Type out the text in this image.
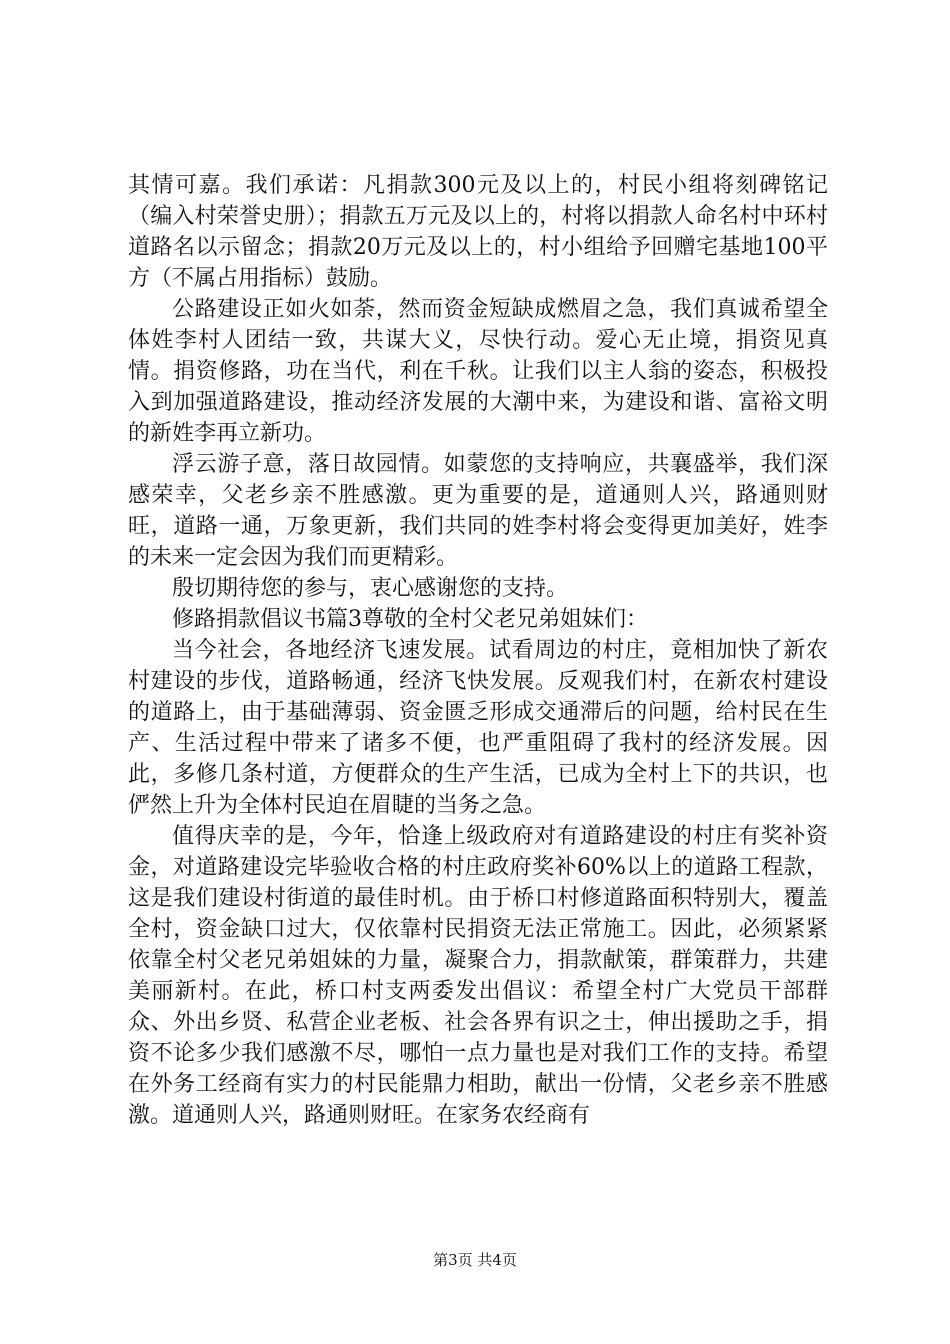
其情可嘉。我们承诺：凡捐款300元及以上的，村民小组将刻碑铭记（编入村荣誉史册）；捐款五万元及以上的，村将以捐款人命名村中环村道路名以示留念；捐款20万元及以上的，村小组给予回赠宅基地100平方（不属占用指标）鼓励。

公路建设正如火如荼，然而资金短缺成燃眉之急，我们真诚希望全体姓李村人团结一致，共谋大义，尽快行动。爱心无止境，捐资见真情。捐资修路，功在当代，利在千秋。让我们以主人翁的姿态，积极投入到加强道路建设，推动经济发展的大潮中来，为建设和谐、富裕文明的新姓李再立新功。

浮云游子意，落日故园情。如蒙您的支持响应，共襄盛举，我们深感荣幸，父老乡亲不胜感激。更为重要的是，道通则人兴，路通则财旺，道路一通，万象更新，我们共同的姓李村将会变得更加美好，姓李的未来一定会因为我们而更精彩。

殷切期待您的参与，衷心感谢您的支持。

修路捐款倡议书篇3尊敬的全村父老兄弟姐妹们：

当今社会，各地经济飞速发展。试看周边的村庄，竟相加快了新农村建设的步伐，道路畅通，经济飞快发展。反观我们村，在新农村建设的道路上，由于基础薄弱、资金匮乏形成交通滞后的问题，给村民在生产、生活过程中带来了诸多不便，也严重阻碍了我村的经济发展。因此，多修几条村道，方便群众的生产生活，已成为全村上下的共识，也俨然上升为全体村民迫在眉睫的当务之急。

值得庆幸的是，今年，恰逢上级政府对有道路建设的村庄有奖补资金，对道路建设完毕验收合格的村庄政府奖补60%以上的道路工程款，这是我们建设村街道的最佳时机。由于桥口村修道路面积特别大，覆盖全村，资金缺口过大，仅依靠村民捐资无法正常施工。因此，必须紧紧依靠全村父老兄弟姐妹的力量，凝聚合力，捐款献策，群策群力，共建美丽新村。在此，桥口村支两委发出倡议：希望全村广大党员干部群众、外出乡贤、私营企业老板、社会各界有识之士，伸出援助之手，捐资不论多少我们感激不尽，哪怕一点力量也是对我们工作的支持。希望在外务工经商有实力的村民能鼎力相助，献出一份情，父老乡亲不胜感激。道通则人兴，路通则财旺。在家务农经商有

第3页 共4页
